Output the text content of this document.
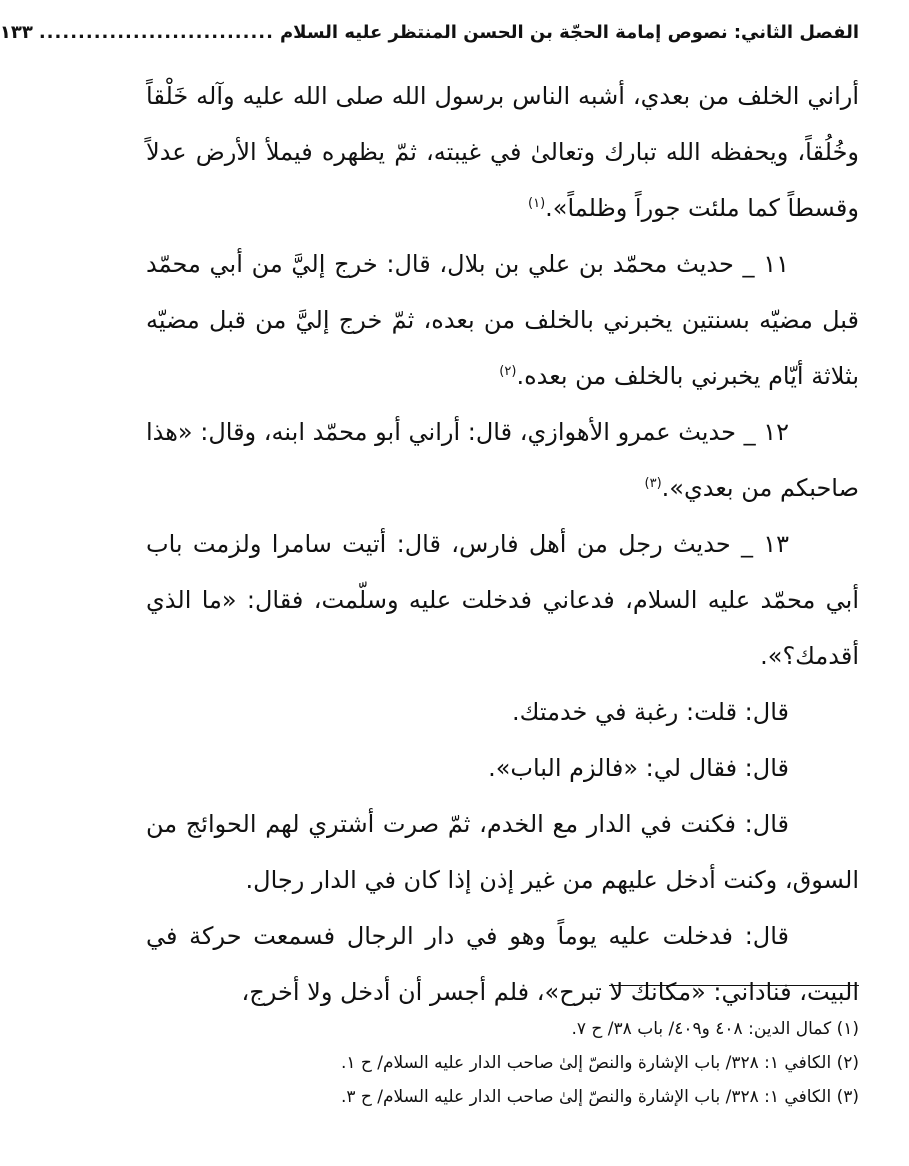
الفصل الثاني: نصوص إمامة الحجّة بن الحسن المنتظر عليه السلام
..............................
١٣٣

أراني الخلف من بعدي، أشبه الناس برسول الله صلى الله عليه وآله خَلْقاً وخُلُقاً، ويحفظه الله تبارك وتعالىٰ في غيبته، ثمّ يظهره فيملأ الأرض عدلاً وقسطاً كما ملئت جوراً وظلماً».$^{(١)}$

١١ _ حديث محمّد بن علي بن بلال، قال: خرج إليَّ من أبي محمّد قبل مضيّه بسنتين يخبرني بالخلف من بعده، ثمّ خرج إليَّ من قبل مضيّه بثلاثة أيّام يخبرني بالخلف من بعده.$^{(٢)}$

١٢ _ حديث عمرو الأهوازي، قال: أراني أبو محمّد ابنه، وقال: «هذا صاحبكم من بعدي».$^{(٣)}$

١٣ _ حديث رجل من أهل فارس، قال: أتيت سامرا ولزمت باب أبي محمّد عليه السلام، فدعاني فدخلت عليه وسلّمت، فقال: «ما الذي أقدمك؟».

قال: قلت: رغبة في خدمتك.

قال: فقال لي: «فالزم الباب».

قال: فكنت في الدار مع الخدم، ثمّ صرت أشتري لهم الحوائج من السوق، وكنت أدخل عليهم من غير إذن إذا كان في الدار رجال.

قال: فدخلت عليه يوماً وهو في دار الرجال فسمعت حركة في البيت، فناداني: «مكانك لا تبرح»، فلم أجسر أن أدخل ولا أخرج،

(١) كمال الدين: ٤٠٨ و٤٠٩/ باب ٣٨/ ح ٧.
(٢) الكافي ١: ٣٢٨/ باب الإشارة والنصّ إلىٰ صاحب الدار عليه السلام/ ح ١.
(٣) الكافي ١: ٣٢٨/ باب الإشارة والنصّ إلىٰ صاحب الدار عليه السلام/ ح ٣.
